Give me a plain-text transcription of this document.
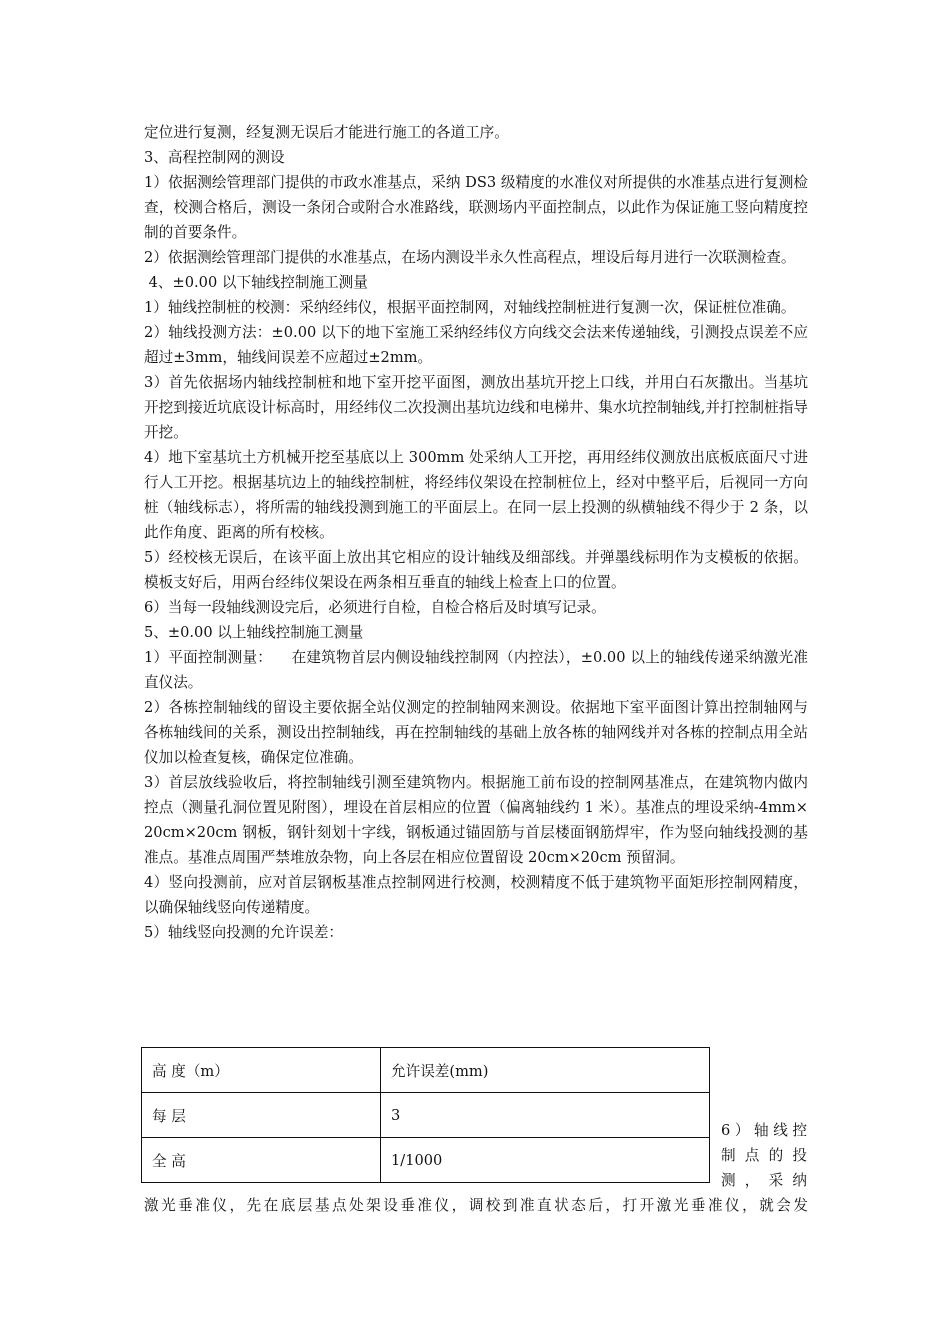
定位进行复测，经复测无误后才能进行施工的各道工序。

3、高程控制网的测设

1）依据测绘管理部门提供的市政水准基点，采纳 DS3 级精度的水准仪对所提供的水准基点进行复测检查，校测合格后，测设一条闭合或附合水准路线，联测场内平面控制点，以此作为保证施工竖向精度控制的首要条件。

2）依据测绘管理部门提供的水准基点，在场内测设半永久性高程点，埋设后每月进行一次联测检查。

4、±0.00 以下轴线控制施工测量

1）轴线控制桩的校测：采纳经纬仪，根据平面控制网，对轴线控制桩进行复测一次，保证桩位准确。

2）轴线投测方法：±0.00 以下的地下室施工采纳经纬仪方向线交会法来传递轴线，引测投点误差不应超过±3mm，轴线间误差不应超过±2mm。

3）首先依据场内轴线控制桩和地下室开挖平面图，测放出基坑开挖上口线，并用白石灰撒出。当基坑开挖到接近坑底设计标高时，用经纬仪二次投测出基坑边线和电梯井、集水坑控制轴线,并打控制桩指导开挖。

4）地下室基坑土方机械开挖至基底以上 300mm 处采纳人工开挖，再用经纬仪测放出底板底面尺寸进行人工开挖。根据基坑边上的轴线控制桩，将经纬仪架设在控制桩位上，经对中整平后，后视同一方向桩（轴线标志），将所需的轴线投测到施工的平面层上。在同一层上投测的纵横轴线不得少于 2 条，以此作角度、距离的所有校核。

5）经校核无误后，在该平面上放出其它相应的设计轴线及细部线。并弹墨线标明作为支模板的依据。模板支好后，用两台经纬仪架设在两条相互垂直的轴线上检查上口的位置。

6）当每一段轴线测设完后，必须进行自检，自检合格后及时填写记录。

5、±0.00 以上轴线控制施工测量

1）平面控制测量：    在建筑物首层内侧设轴线控制网（内控法），±0.00 以上的轴线传递采纳激光准直仪法。

2）各栋控制轴线的留设主要依据全站仪测定的控制轴网来测设。依据地下室平面图计算出控制轴网与各栋轴线间的关系，测设出控制轴线，再在控制轴线的基础上放各栋的轴网线并对各栋的控制点用全站仪加以检查复核，确保定位准确。

3）首层放线验收后，将控制轴线引测至建筑物内。根据施工前布设的控制网基准点，在建筑物内做内控点（测量孔洞位置见附图），埋设在首层相应的位置（偏离轴线约 1 米）。基准点的埋设采纳-4mm×20cm×20cm 钢板，钢针刻划十字线，钢板通过锚固筋与首层楼面钢筋焊牢，作为竖向轴线投测的基准点。基准点周围严禁堆放杂物，向上各层在相应位置留设 20cm×20cm 预留洞。

4）竖向投测前，应对首层钢板基准点控制网进行校测，校测精度不低于建筑物平面矩形控制网精度，以确保轴线竖向传递精度。

5）轴线竖向投测的允许误差：

高 度（m）	允许误差(mm)
每 层	3
全 高	1/1000
6）轴线控
制点的投
测，采纳
激光垂准仪，先在底层基点处架设垂准仪，调校到准直状态后，打开激光垂准仪，就会发
